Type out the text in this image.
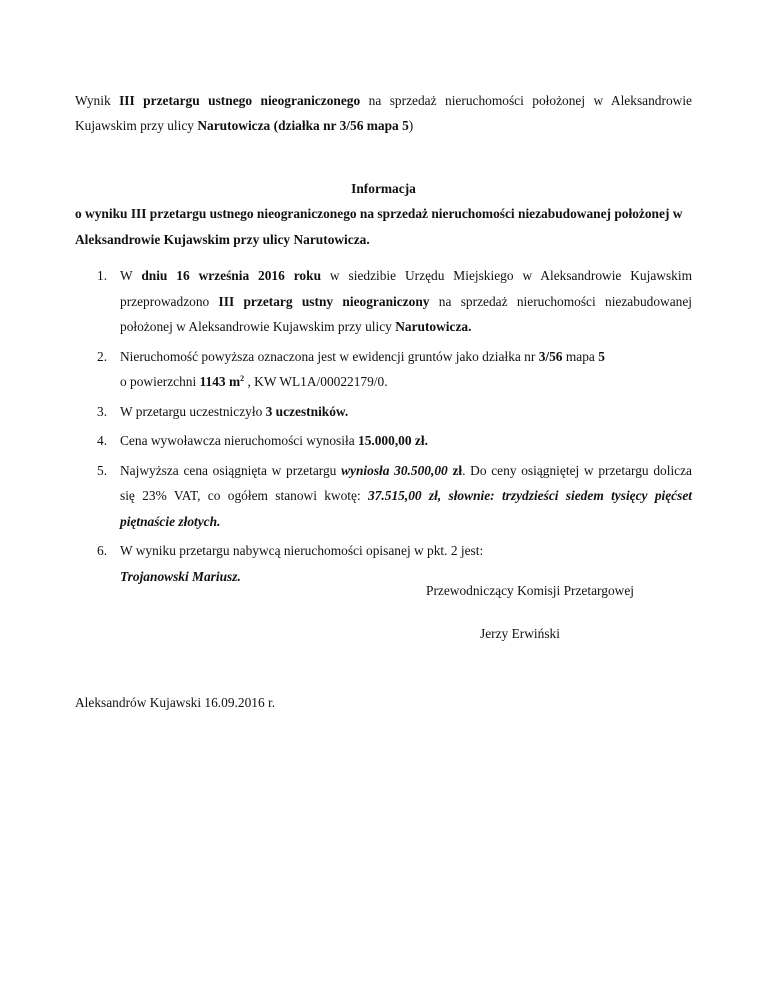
Wynik III przetargu ustnego nieograniczonego na sprzedaż nieruchomości położonej w Aleksandrowie Kujawskim przy ulicy Narutowicza (działka nr 3/56 mapa 5)
Informacja
o wyniku III przetargu ustnego nieograniczonego na sprzedaż nieruchomości niezabudowanej położonej w Aleksandrowie Kujawskim przy ulicy Narutowicza.
1. W dniu 16 września 2016 roku w siedzibie Urzędu Miejskiego w Aleksandrowie Kujawskim przeprowadzono III przetarg ustny nieograniczony na sprzedaż nieruchomości niezabudowanej położonej w Aleksandrowie Kujawskim przy ulicy Narutowicza.
2. Nieruchomość powyższa oznaczona jest w ewidencji gruntów jako działka nr 3/56 mapa 5
o powierzchni 1143 $m^2$ , KW WL1A/00022179/0.
3. W przetargu uczestniczyło 3 uczestników.
4. Cena wywoławcza nieruchomości wynosiła 15.000,00 zł.
5. Najwyższa cena osiągnięta w przetargu wyniosła 30.500,00 zł. Do ceny osiągniętej w przetargu dolicza się 23% VAT, co ogółem stanowi kwotę: 37.515,00 zł, słownie: trzydzieści siedem tysięcy pięćset piętnaście złotych.
6. W wyniku przetargu nabywcą nieruchomości opisanej w pkt. 2 jest:
Trojanowski Mariusz.
Przewodniczący Komisji Przetargowej
Jerzy Erwiński
Aleksandrów Kujawski 16.09.2016 r.
